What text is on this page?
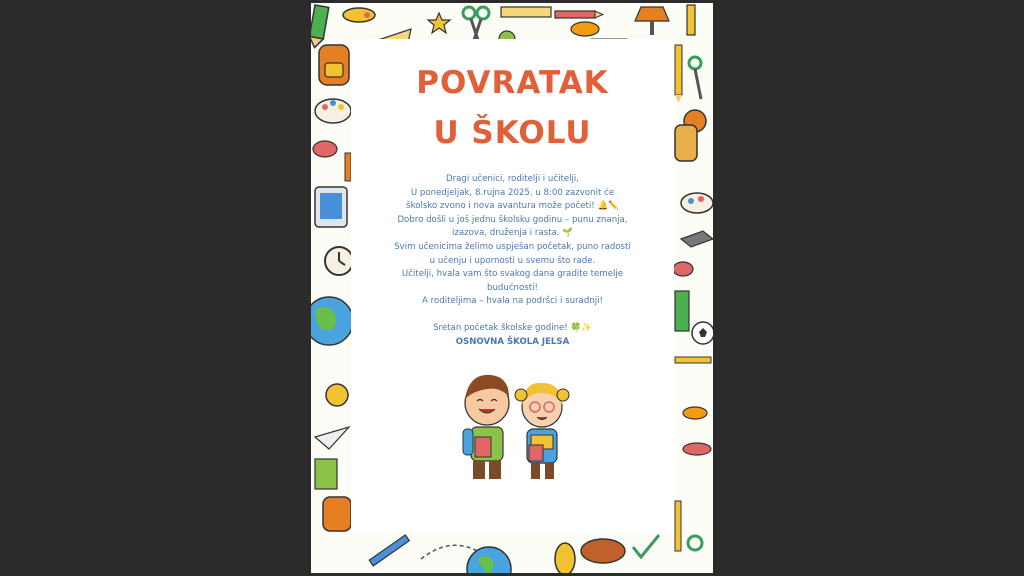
POVRATAK
U ŠKOLU
Dragi učenici, roditelji i učitelji,
U ponedjeljak, 8.rujna 2025. u 8:00 zazvonit će
školsko zvono i nova avantura može početi! 🔔✏️
Dobro došli u još jednu školsku godinu – punu znanja,
izazova, druženja i rasta. 🌱
Svim učenicima želimo uspješan početak, puno radosti
u učenju i upornosti u svemu što rade.
Učitelji, hvala vam što svakog dana gradite temelje
budućnosti!
A roditeljima – hvala na podršci i suradnji!
Sretan početak školske godine! 🍀✨
OSNOVNA ŠKOLA JELSA
